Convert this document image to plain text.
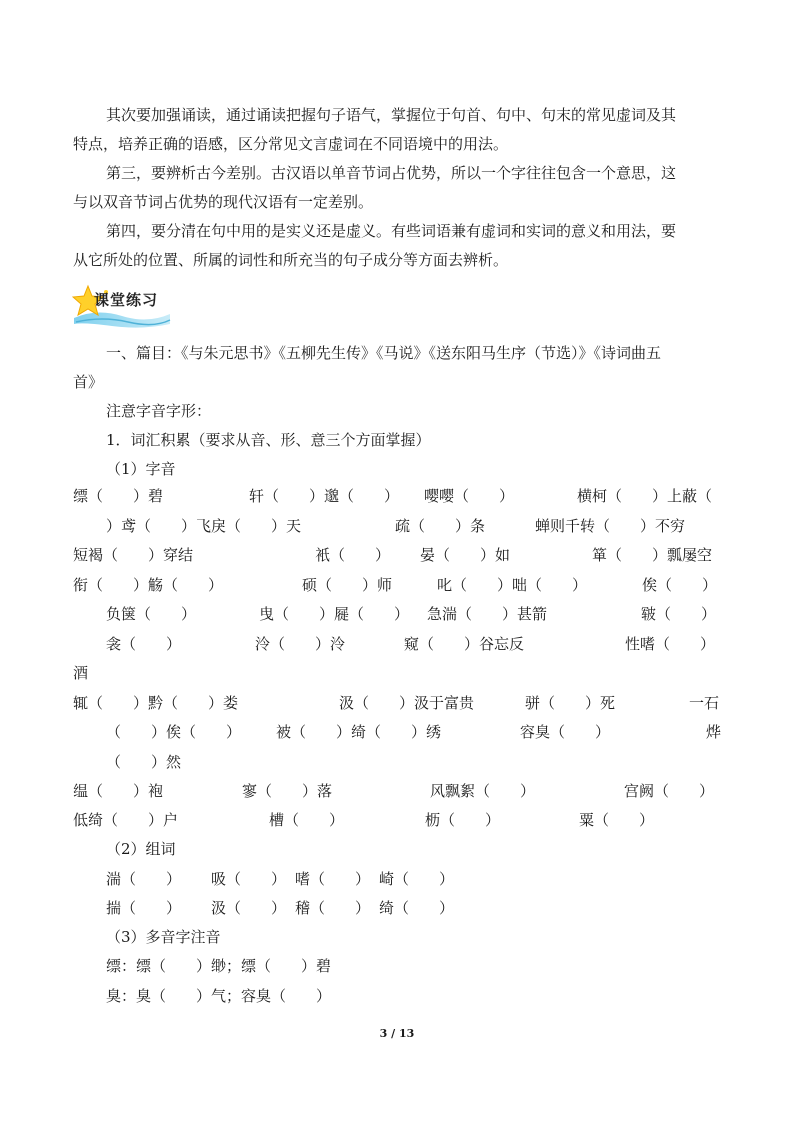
其次要加强诵读，通过诵读把握句子语气，掌握位于句首、句中、句末的常见虚词及其
特点，培养正确的语感，区分常见文言虚词在不同语境中的用法。
第三，要辨析古今差别。古汉语以单音节词占优势，所以一个字往往包含一个意思，这
与以双音节词占优势的现代汉语有一定差别。
第四，要分清在句中用的是实义还是虚义。有些词语兼有虚词和实词的意义和用法，要
从它所处的位置、所属的词性和所充当的句子成分等方面去辨析。
课堂练习
一、篇目：《与朱元思书》《五柳先生传》《马说》《送东阳马生序（节选）》《诗词曲五
首》
注意字音字形：
1．词汇积累（要求从音、形、意三个方面掌握）
（1）字音
缥（　　）碧	轩（　　）邈（　　） 嘤嘤（　　）	横柯（　　）上蔽（
）鸢（　　）飞戾（　　）天	疏（　　）条	蝉则千转（　　）不穷
短褐（　　）穿结	衹（　　） 晏（　　）如	箪（　　）瓢屡空
衔（　　）觞（　　）	硕（　　）师	叱（　　）咄（　　）	俟（　　）
负箧（　　）	曳（　　）屣（　　） 急湍（　　）甚箭	皲（　　）
衾（　　）	泠（　　）泠	窥（　　）谷忘反	性嗜（　　）
酒
辄（　　）黔（　　）娄	汲（　　）汲于富贵	骈（　　）死	一石
（　　）俟（　　） 被（　　）绮（　　）绣	容臭（　　）	烨
（　　）然
缊（　　）袍	寥（　　）落	风飘絮（　　）	宫阙（　　）
低绮（　　）户	槽（　　）	枥（　　）	粟（　　）
（2）组词
湍（　　） 吸（　　） 嗜（　　） 崎（　　）
揣（　　） 汲（　　） 稽（　　） 绮（　　）
（3）多音字注音
缥：缥（　　）缈；缥（　　）碧
臭：臭（　　）气；容臭（　　）
3 / 13
